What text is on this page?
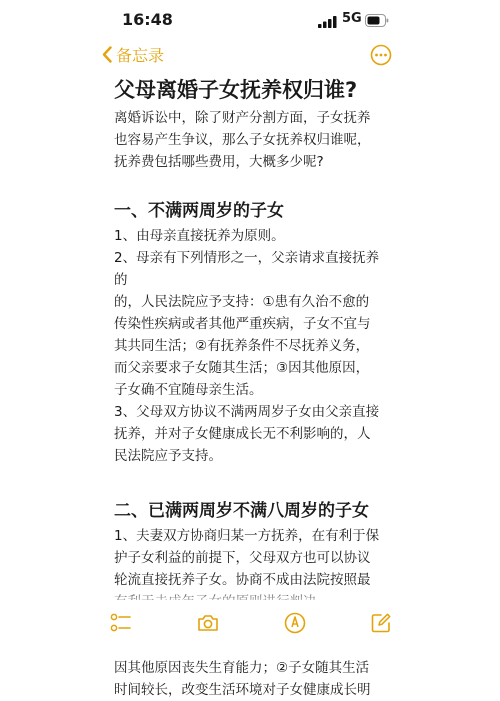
16:48	5G
备忘录
父母离婚子女抚养权归谁?

离婚诉讼中，除了财产分割方面，子女抚养

也容易产生争议，那么子女抚养权归谁呢，

抚养费包括哪些费用，大概多少呢?

一、不满两周岁的子女

1、由母亲直接抚养为原则。

2、母亲有下列情形之一，父亲请求直接抚养的

的，人民法院应予支持：①患有久治不愈的

传染性疾病或者其他严重疾病，子女不宜与

其共同生活；②有抚养条件不尽抚养义务，

而父亲要求子女随其生活；③因其他原因，

子女确不宜随母亲生活。

3、父母双方协议不满两周岁子女由父亲直接

抚养，并对子女健康成长无不利影响的，人

民法院应予支持。

二、已满两周岁不满八周岁的子女

1、夫妻双方协商归某一方抚养，在有利于保

护子女利益的前提下，父母双方也可以协议

轮流直接抚养子女。协商不成由法院按照最

因其他原因丧失生育能力；②子女随其生活

时间较长，改变生活环境对子女健康成长明
